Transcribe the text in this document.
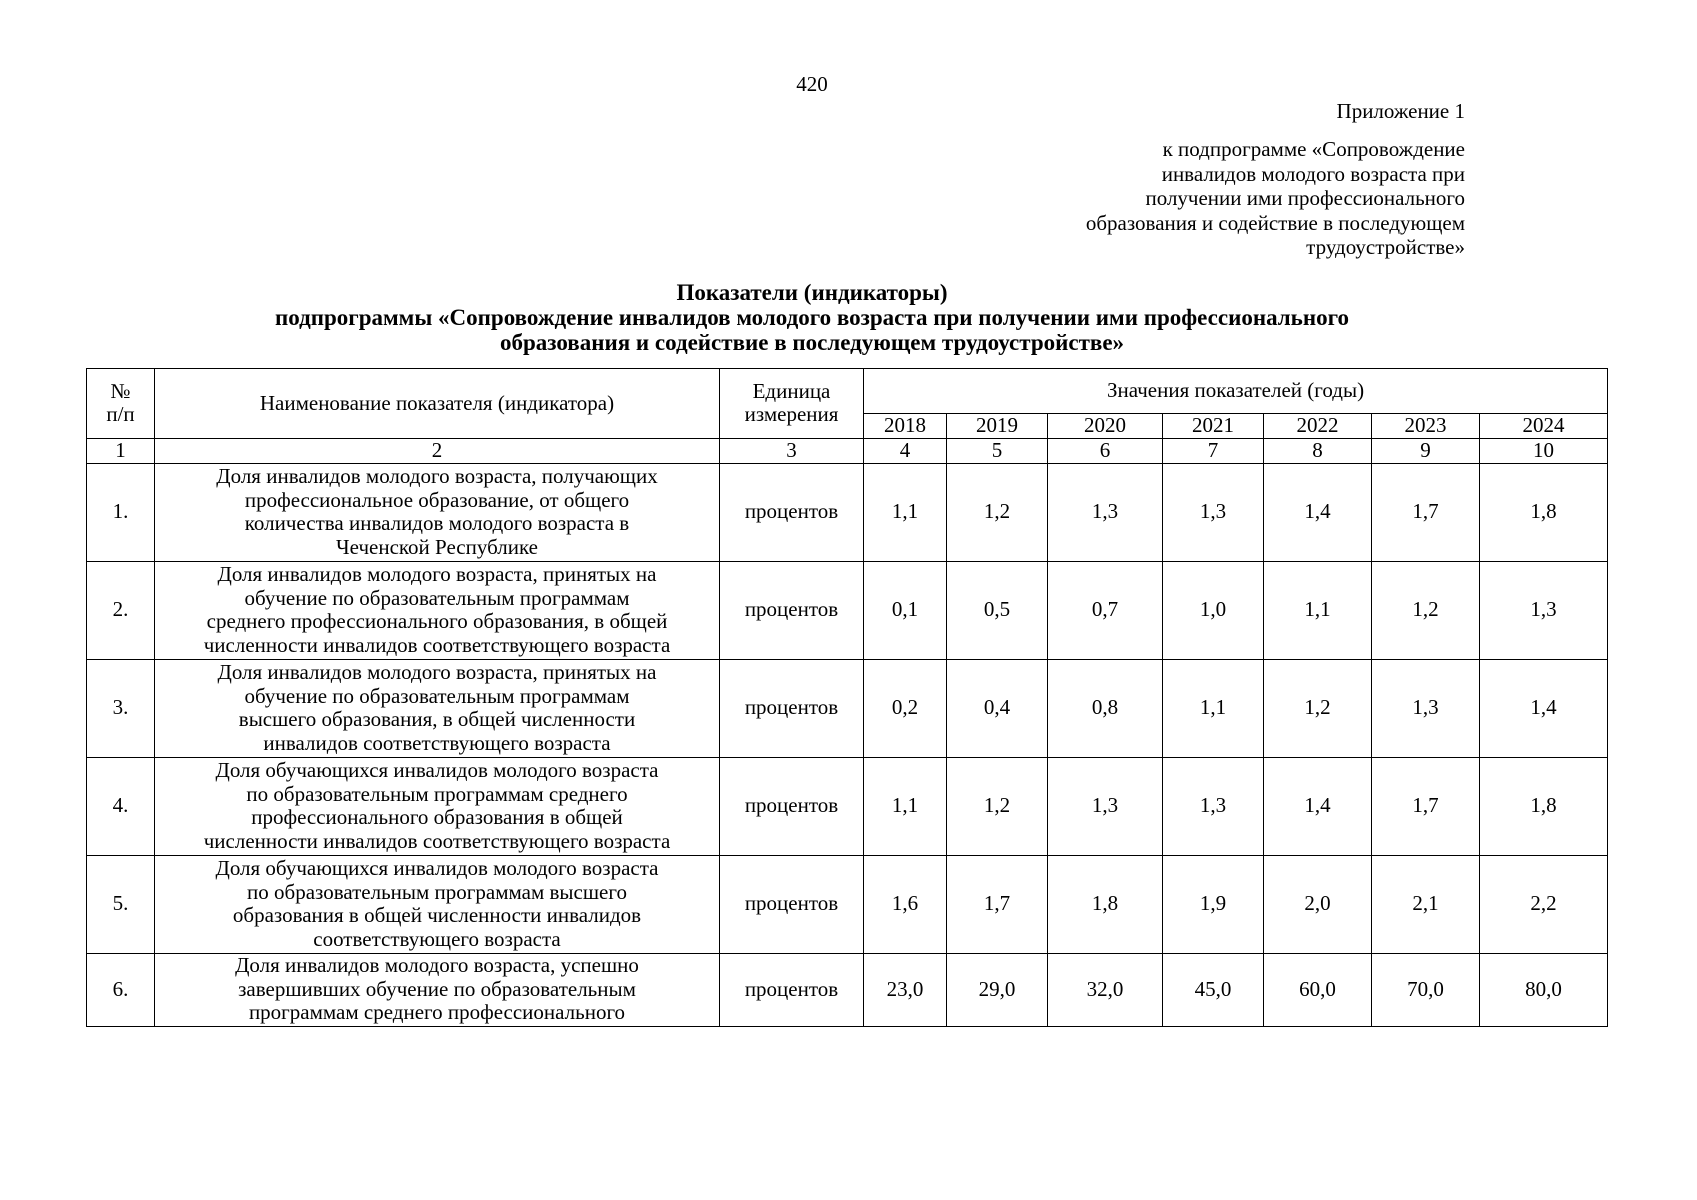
420
Приложение 1
к подпрограмме «Сопровождение
инвалидов молодого возраста при
получении ими профессионального
образования и содействие в последующем
трудоустройстве»
Показатели (индикаторы)
подпрограммы «Сопровождение инвалидов молодого возраста при получении ими профессионального
образования и содействие в последующем трудоустройстве»
№ п/п	Наименование показателя (индикатора)	Единица измерения	Значения показателей (годы)						
			2018	2019	2020	2021	2022	2023	2024
1	2	3	4	5	6	7	8	9	10
1.	Доля инвалидов молодого возраста, получающих
профессиональное образование, от общего
количества инвалидов молодого возраста в
Чеченской Республике	процентов	1,1	1,2	1,3	1,3	1,4	1,7	1,8
2.	Доля инвалидов молодого возраста, принятых на
обучение по образовательным программам
среднего профессионального образования, в общей
численности инвалидов соответствующего возраста	процентов	0,1	0,5	0,7	1,0	1,1	1,2	1,3
3.	Доля инвалидов молодого возраста, принятых на
обучение по образовательным программам
высшего образования, в общей численности
инвалидов соответствующего возраста	процентов	0,2	0,4	0,8	1,1	1,2	1,3	1,4
4.	Доля обучающихся инвалидов молодого возраста
по образовательным программам среднего
профессионального образования в общей
численности инвалидов соответствующего возраста	процентов	1,1	1,2	1,3	1,3	1,4	1,7	1,8
5.	Доля обучающихся инвалидов молодого возраста
по образовательным программам высшего
образования в общей численности инвалидов
соответствующего возраста	процентов	1,6	1,7	1,8	1,9	2,0	2,1	2,2
6.	Доля инвалидов молодого возраста, успешно
завершивших обучение по образовательным
программам среднего профессионального	процентов	23,0	29,0	32,0	45,0	60,0	70,0	80,0
